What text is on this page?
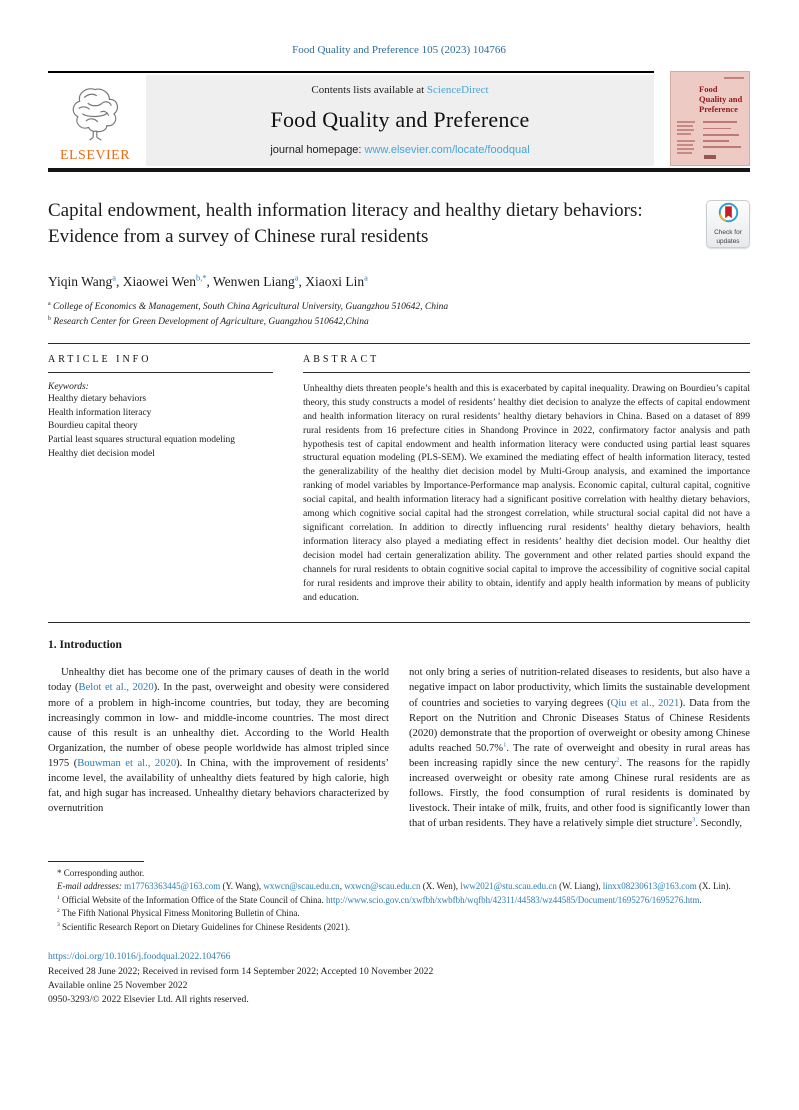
Food Quality and Preference 105 (2023) 104766
ELSEVIER
Contents lists available at ScienceDirect
Food Quality and Preference
journal homepage: www.elsevier.com/locate/foodqual
Food Quality and Preference
Capital endowment, health information literacy and healthy dietary behaviors: Evidence from a survey of Chinese rural residents	Check for
updates
Yiqin Wang$^a$, Xiaowei Wen$^{b,*}$, Wenwen Liang$^a$, Xiaoxi Lin$^a$
$^a$ College of Economics & Management, South China Agricultural University, Guangzhou 510642, China
$^b$ Research Center for Green Development of Agriculture, Guangzhou 510642,China
ARTICLE INFO
Keywords:
Healthy dietary behaviors
Health information literacy
Bourdieu capital theory
Partial least squares structural equation modeling
Healthy diet decision model
ABSTRACT
Unhealthy diets threaten people’s health and this is exacerbated by capital inequality. Drawing on Bourdieu’s capital theory, this study constructs a model of residents’ healthy diet decision to analyze the effects of capital endowment and health information literacy on rural residents’ healthy dietary behaviors in China. Based on a dataset of 899 rural residents from 16 prefecture cities in Shandong Province in 2022, confirmatory factor analysis and path hypothesis test of capital endowment and health information literacy were conducted using partial least squares structural equation modeling (PLS-SEM). We examined the mediating effect of health information literacy, tested the generalizability of the healthy diet decision model by Multi-Group analysis, and examined the importance ranking of model variables by Importance-Performance map analysis. Economic capital, cultural capital, cognitive social capital, and health information literacy had a significant positive correlation with healthy dietary behaviors, among which cognitive social capital had the strongest correlation, while structural social capital did not have a significant correlation. In addition to directly influencing rural residents’ healthy dietary behaviors, health information literacy also played a mediating effect in residents’ healthy diet decision model. Our healthy diet decision model had certain generalization ability. The government and other related parties should expand the channels for rural residents to obtain cognitive social capital to improve the accessibility of cognitive social capital for rural residents and improve their ability to obtain, identify and apply health information by means of publicity and education.
1. Introduction
Unhealthy diet has become one of the primary causes of death in the world today (Belot et al., 2020). In the past, overweight and obesity were considered more of a problem in high-income countries, but today, they are becoming increasingly common in low- and middle-income countries. The most direct cause of this result is an unhealthy diet. According to the World Health Organization, the number of obese people worldwide has almost tripled since 1975 (Bouwman et al., 2020). In China, with the improvement of residents’ income level, the availability of unhealthy diets featured by high calorie, high fat, and high sugar has increased. Unhealthy dietary behaviors characterized by overnutrition
not only bring a series of nutrition-related diseases to residents, but also have a negative impact on labor productivity, which limits the sustainable development of countries and societies to varying degrees (Qiu et al., 2021). Data from the Report on the Nutrition and Chronic Diseases Status of Chinese Residents (2020) demonstrate that the proportion of overweight or obesity among Chinese adults reached 50.7%$^1$. The rate of overweight and obesity in rural areas has been increasing rapidly since the new century$^2$. The reasons for the rapidly increased overweight or obesity rate among Chinese rural residents are as follows. Firstly, the food consumption of rural residents is dominated by livestock. Their intake of milk, fruits, and other food is significantly lower than that of urban residents. They have a relatively simple diet structure$^3$. Secondly,
* Corresponding author.
E-mail addresses: m17763363445@163.com (Y. Wang), wxwcn@scau.edu.cn, wxwcn@scau.edu.cn (X. Wen), lww2021@stu.scau.edu.cn (W. Liang), linxx08230613@163.com (X. Lin).
$^1$ Official Website of the Information Office of the State Council of China. http://www.scio.gov.cn/xwfbh/xwbfbh/wqfbh/42311/44583/wz44585/Document/1695276/1695276.htm.
$^2$ The Fifth National Physical Fitness Monitoring Bulletin of China.
$^3$ Scientific Research Report on Dietary Guidelines for Chinese Residents (2021).
https://doi.org/10.1016/j.foodqual.2022.104766
Received 28 June 2022; Received in revised form 14 September 2022; Accepted 10 November 2022
Available online 25 November 2022
0950-3293/© 2022 Elsevier Ltd. All rights reserved.
